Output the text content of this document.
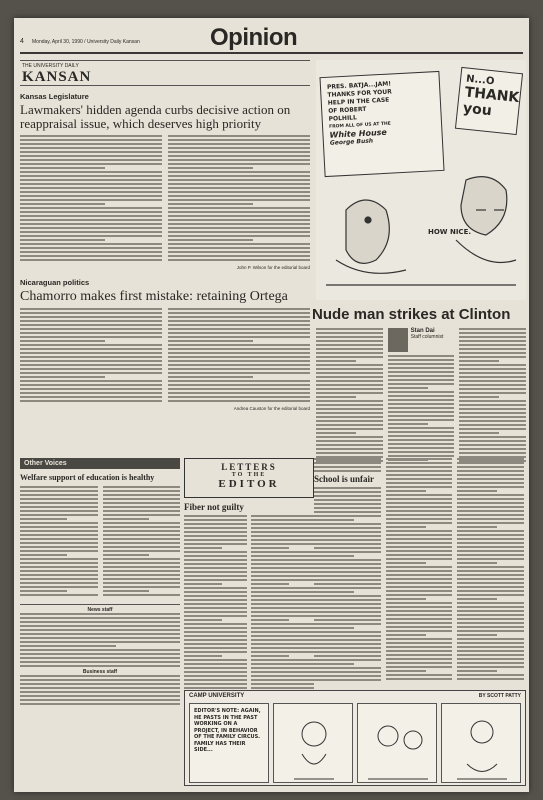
4 Monday, April 30, 1990 / University Daily Kansan	Opinion
THE UNIVERSITY DAILY
KANSAN
Kansas Legislature
Lawmakers' hidden agenda curbs decisive action on reappraisal issue, which deserves high priority
John P. Wilson for the editorial board
Nicaraguan politics
Chamorro makes first mistake: retaining Ortega
Andrea Causton for the editorial board
PRES. BATJA...JAM!
THANKS FOR YOUR
HELP IN THE CASE
OF ROBERT
POLHILL
FROM ALL OF US AT THE
White House
George Bush
N...O
THANK you
HOW NICE.
Nude man strikes at Clinton
Stan Dai
Staff columnist
Other Voices
Welfare support of education is healthy
News staff
Business staff
LETTERS
TO THE
EDITOR
Fiber not guilty
School is unfair
CAMP UNIVERSITY	BY SCOTT PATTY
EDITOR'S NOTE: AGAIN, HE PASTS IN THE PAST WORKING ON A PROJECT, IN BEHAVIOR OF THE FAMILY CIRCUS. FAMILY HAS THEIR SIDE...
